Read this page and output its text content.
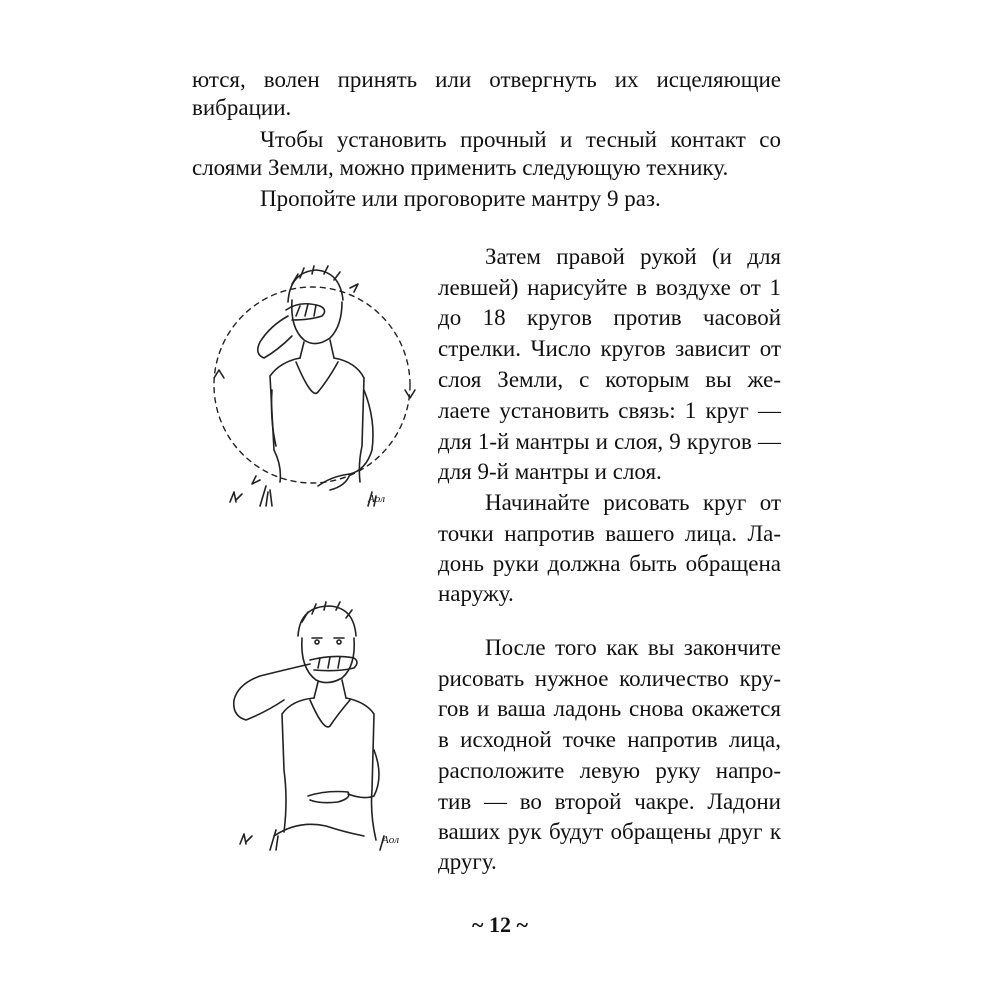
ются, волен принять или отвергнуть их исцеляющие

вибрации.

Чтобы установить прочный и тесный контакт со

слоями Земли, можно применить следующую технику.

Пропойте или проговорите мантру 9 раз.

Затем правой рукой (и для

левшей) нарисуйте в воздухе от 1

до 18 кругов против часовой

стрелки. Число кругов зависит от

слоя Земли, с которым вы же-

лаете установить связь: 1 круг —

для 1-й мантры и слоя, 9 кругов —

для 9-й мантры и слоя.

Начинайте рисовать круг от

точки напротив вашего лица. Ла-

донь руки должна быть обращена

наружу.

После того как вы закончите

рисовать нужное количество кру-

гов и ваша ладонь снова окажется

в исходной точке напротив лица,

расположите левую руку напро-

тив — во второй чакре. Ладони

ваших рук будут обращены друг к

другу.

Aoл
Aoл
~ 12 ~
